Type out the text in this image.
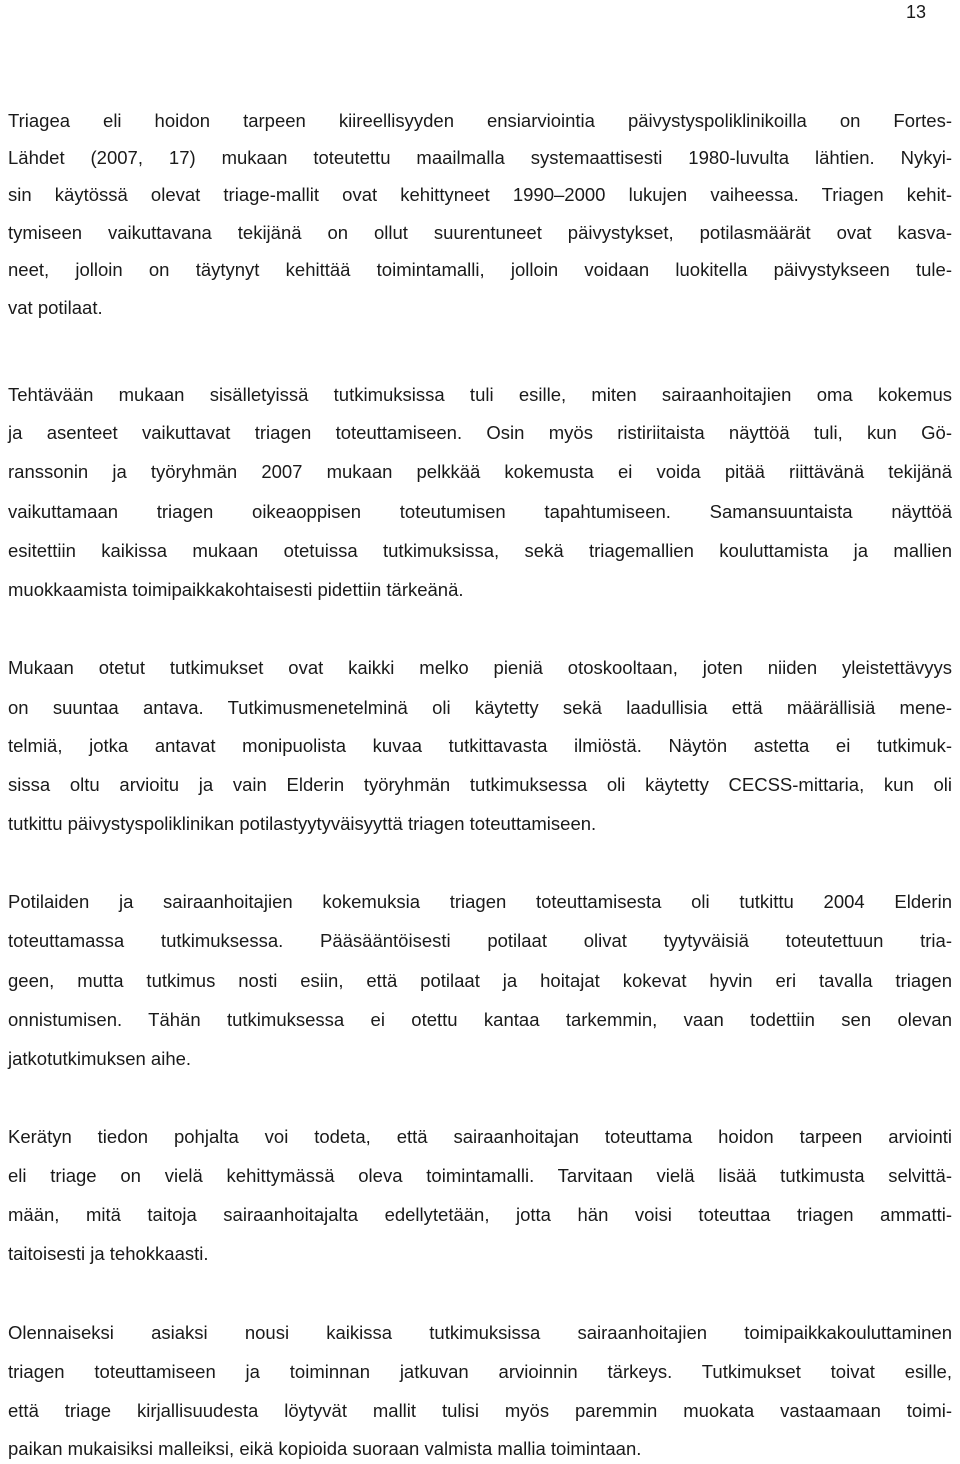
13
Triagea eli hoidon tarpeen kiireellisyyden ensiarviointia päivystyspoliklinikoilla on Fortes-
Lähdet (2007, 17) mukaan toteutettu maailmalla systemaattisesti 1980-luvulta lähtien. Nykyi-
sin käytössä olevat triage-mallit ovat kehittyneet 1990–2000 lukujen vaiheessa. Triagen kehit-
tymiseen vaikuttavana tekijänä on ollut suurentuneet päivystykset, potilasmäärät ovat kasva-
neet, jolloin on täytynyt kehittää toimintamalli, jolloin voidaan luokitella päivystykseen tule-
vat potilaat.
Tehtävään mukaan sisälletyissä tutkimuksissa tuli esille, miten sairaanhoitajien oma kokemus
ja asenteet vaikuttavat triagen toteuttamiseen. Osin myös ristiriitaista näyttöä tuli, kun Gö-
ranssonin ja työryhmän 2007 mukaan pelkkää kokemusta ei voida pitää riittävänä tekijänä
vaikuttamaan triagen oikeaoppisen toteutumisen tapahtumiseen. Samansuuntaista näyttöä
esitettiin kaikissa mukaan otetuissa tutkimuksissa, sekä triagemallien kouluttamista ja mallien
muokkaamista toimipaikkakohtaisesti pidettiin tärkeänä.
Mukaan otetut tutkimukset ovat kaikki melko pieniä otoskooltaan, joten niiden yleistettävyys
on suuntaa antava. Tutkimusmenetelminä oli käytetty sekä laadullisia että määrällisiä mene-
telmiä, jotka antavat monipuolista kuvaa tutkittavasta ilmiöstä. Näytön astetta ei tutkimuk-
sissa oltu arvioitu ja vain Elderin työryhmän tutkimuksessa oli käytetty CECSS-mittaria, kun oli
tutkittu päivystyspoliklinikan potilastyytyväisyyttä triagen toteuttamiseen.
Potilaiden ja sairaanhoitajien kokemuksia triagen toteuttamisesta oli tutkittu 2004 Elderin
toteuttamassa tutkimuksessa. Pääsääntöisesti potilaat olivat tyytyväisiä toteutettuun tria-
geen, mutta tutkimus nosti esiin, että potilaat ja hoitajat kokevat hyvin eri tavalla triagen
onnistumisen. Tähän tutkimuksessa ei otettu kantaa tarkemmin, vaan todettiin sen olevan
jatkotutkimuksen aihe.
Kerätyn tiedon pohjalta voi todeta, että sairaanhoitajan toteuttama hoidon tarpeen arviointi
eli triage on vielä kehittymässä oleva toimintamalli. Tarvitaan vielä lisää tutkimusta selvittä-
mään, mitä taitoja sairaanhoitajalta edellytetään, jotta hän voisi toteuttaa triagen ammatti-
taitoisesti ja tehokkaasti.
Olennaiseksi asiaksi nousi kaikissa tutkimuksissa sairaanhoitajien toimipaikkakouluttaminen
triagen toteuttamiseen ja toiminnan jatkuvan arvioinnin tärkeys. Tutkimukset toivat esille,
että triage kirjallisuudesta löytyvät mallit tulisi myös paremmin muokata vastaamaan toimi-
paikan mukaisiksi malleiksi, eikä kopioida suoraan valmista mallia toimintaan.
